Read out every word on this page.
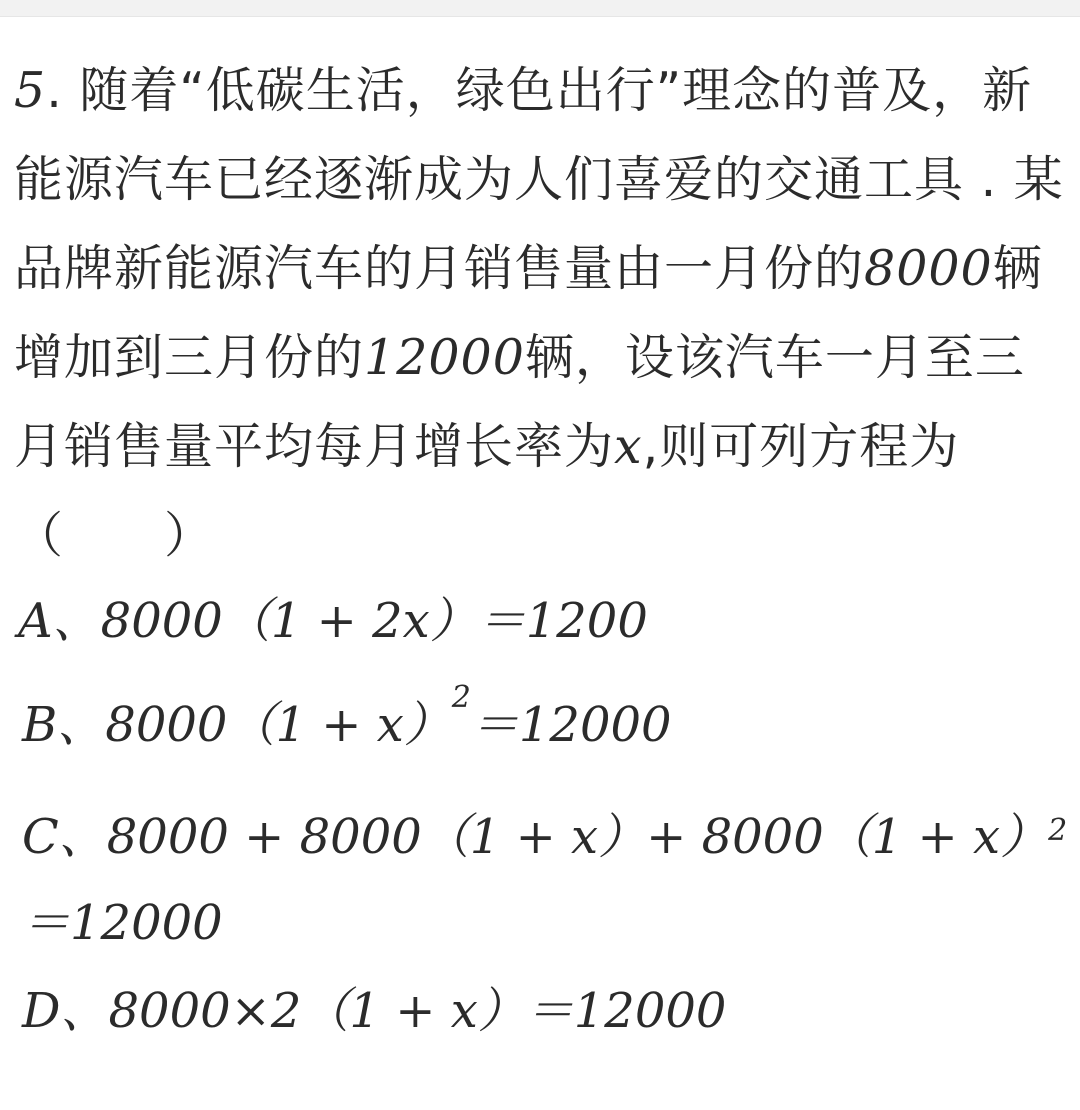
5. 随着“低碳生活，绿色出行”理念的普及，新能源汽车已经逐渐成为人们喜爱的交通工具 . 某品牌新能源汽车的月销售量由一月份的8000辆增加到三月份的12000辆，设该汽车一月至三月销售量平均每月增长率为x,则可列方程为（　　）
A、8000（1 + 2x）＝1200
B、$8000(1 + x)^2=12000$
C、$8000 + 8000(1 + x)+ 8000(1 + x)^2$
＝12000
D、8000×2（1 + x）＝12000
